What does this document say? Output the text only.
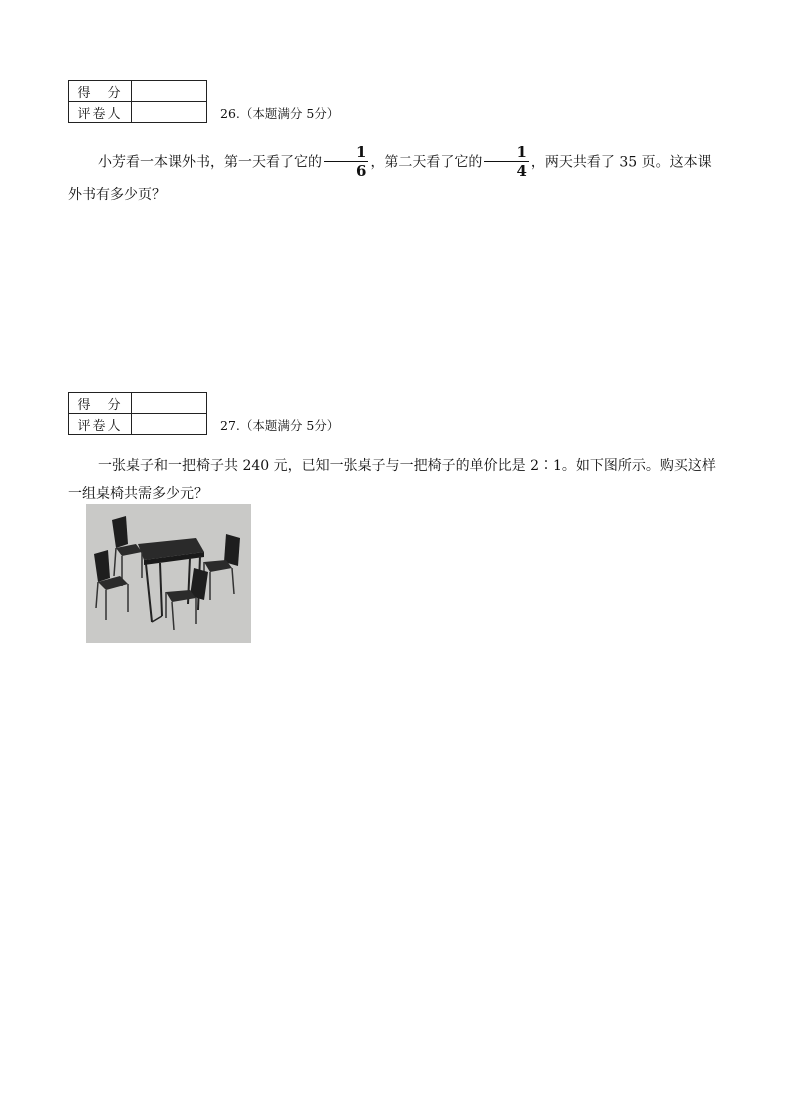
得　分	
评卷人		26.（本题满分 5分）
小芳看一本课外书，第一天看了它的 $\frac{1}{6}$ ，第二天看了它的 $\frac{1}{4}$ ，两天共看了 35 页。这本课外书有多少页？
得　分	
评卷人		27.（本题满分 5分）
一张桌子和一把椅子共 240 元，已知一张桌子与一把椅子的单价比是 2∶1。如下图所示。购买这样一组桌椅共需多少元？
